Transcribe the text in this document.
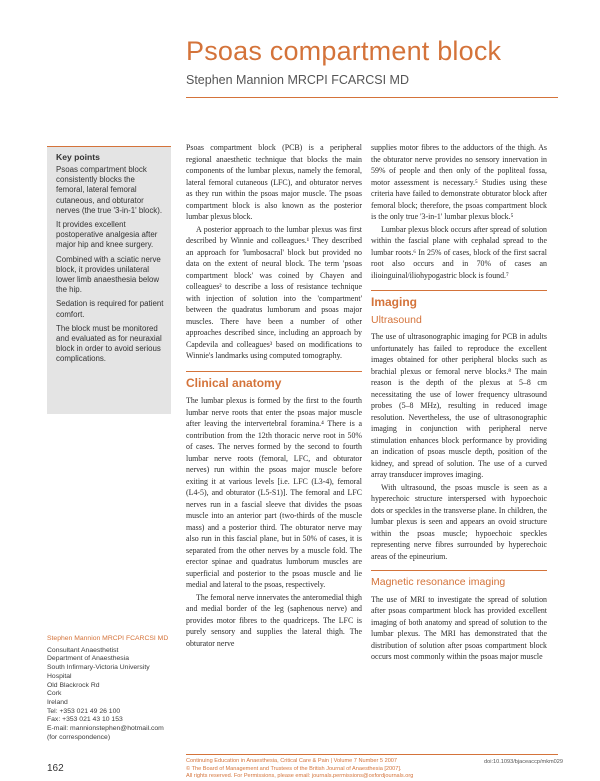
Psoas compartment block
Stephen Mannion MRCPI FCARCSI MD
Key points

Psoas compartment block consistently blocks the femoral, lateral femoral cutaneous, and obturator nerves (the true '3-in-1' block).

It provides excellent postoperative analgesia after major hip and knee surgery.

Combined with a sciatic nerve block, it provides unilateral lower limb anaesthesia below the hip.

Sedation is required for patient comfort.

The block must be monitored and evaluated as for neuraxial block in order to avoid serious complications.

Stephen Mannion MRCPI FCARCSI MD
Consultant Anaesthetist
Department of Anaesthesia
South Infirmary-Victoria University
Hospital
Old Blackrock Rd
Cork
Ireland
Tel: +353 021 49 26 100
Fax: +353 021 43 10 153
E-mail: mannionstephen@hotmail.com
(for correspondence)

Psoas compartment block (PCB) is a peripheral regional anaesthetic technique that blocks the main components of the lumbar plexus, namely the femoral, lateral femoral cutaneous (LFC), and obturator nerves as they run within the psoas major muscle. The psoas compartment block is also known as the posterior lumbar plexus block.

A posterior approach to the lumbar plexus was first described by Winnie and colleagues.¹ They described an approach for 'lumbosacral' block but provided no data on the extent of neural block. The term 'psoas compartment block' was coined by Chayen and colleagues² to describe a loss of resistance technique with injection of solution into the 'compartment' between the quadratus lumborum and psoas major muscles. There have been a number of other approaches described since, including an approach by Capdevila and colleagues³ based on modifications to Winnie's landmarks using computed tomography.

Clinical anatomy

The lumbar plexus is formed by the first to the fourth lumbar nerve roots that enter the psoas major muscle after leaving the intervertebral foramina.⁴ There is a contribution from the 12th thoracic nerve root in 50% of cases. The nerves formed by the second to fourth lumbar nerve roots (femoral, LFC, and obturator nerves) run within the psoas major muscle before exiting it at various levels [i.e. LFC (L3-4), femoral (L4-5), and obturator (L5-S1)]. The femoral and LFC nerves run in a fascial sleeve that divides the psoas muscle into an anterior part (two-thirds of the muscle mass) and a posterior third. The obturator nerve may also run in this fascial plane, but in 50% of cases, it is separated from the other nerves by a muscle fold. The erector spinae and quadratus lumborum muscles are superficial and posterior to the psoas muscle and lie medial and lateral to the psoas, respectively.

The femoral nerve innervates the anteromedial thigh and medial border of the leg (saphenous nerve) and provides motor fibres to the quadriceps. The LFC is purely sensory and supplies the lateral thigh. The obturator nerve

supplies motor fibres to the adductors of the thigh. As the obturator nerve provides no sensory innervation in 59% of people and then only of the popliteal fossa, motor assessment is necessary.⁵ Studies using these criteria have failed to demonstrate obturator block after femoral block; therefore, the psoas compartment block is the only true '3-in-1' lumbar plexus block.⁵

Lumbar plexus block occurs after spread of solution within the fascial plane with cephalad spread to the lumbar roots.⁶ In 25% of cases, block of the first sacral root also occurs and in 70% of cases an ilioinguinal/iliohypogastric block is found.⁷

Imaging
Ultrasound

The use of ultrasonographic imaging for PCB in adults unfortunately has failed to reproduce the excellent images obtained for other peripheral blocks such as brachial plexus or femoral nerve blocks.⁸ The main reason is the depth of the plexus at 5–8 cm necessitating the use of lower frequency ultrasound probes (5–8 MHz), resulting in reduced image resolution. Nevertheless, the use of ultrasonographic imaging in conjunction with peripheral nerve stimulation enhances block performance by providing an indication of psoas muscle depth, position of the kidney, and spread of solution. The use of a curved array transducer improves imaging.

With ultrasound, the psoas muscle is seen as a hyperechoic structure interspersed with hypoechoic dots or speckles in the transverse plane. In children, the lumbar plexus is seen and appears an ovoid structure within the psoas muscle; hypoechoic speckles representing nerve fibres surrounded by hyperechoic areas of the epineurium.

Magnetic resonance imaging

The use of MRI to investigate the spread of solution after psoas compartment block has provided excellent imaging of both anatomy and spread of solution to the lumbar plexus. The MRI has demonstrated that the distribution of solution after psoas compartment block occurs most commonly within the psoas major muscle

162
Continuing Education in Anaesthesia, Critical Care & Pain | Volume 7 Number 5 2007
© The Board of Management and Trustees of the British Journal of Anaesthesia [2007].
All rights reserved. For Permissions, please email: journals.permissions@oxfordjournals.org
doi:10.1093/bjaceaccp/mkm029
